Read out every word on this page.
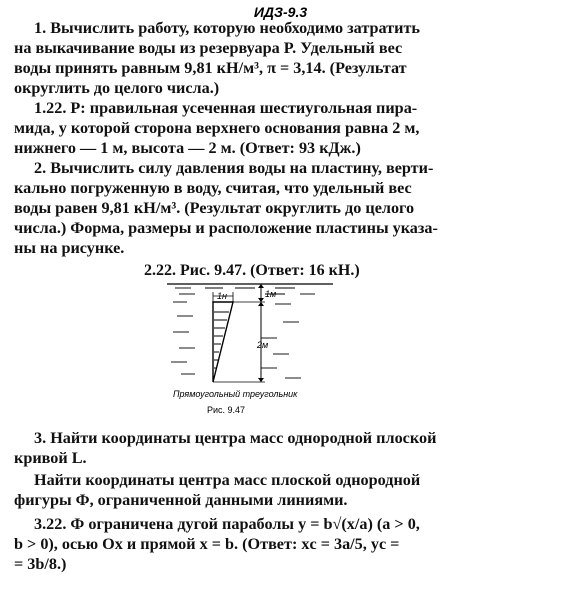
ИДЗ-9.3
1. Вычислить работу, которую необходимо затратить
на выкачивание воды из резервуара P. Удельный вес
воды принять равным 9,81 кН/м³, π = 3,14. (Результат
округлить до целого числа.)
1.22. P: правильная усеченная шестиугольная пира-
мида, у которой сторона верхнего основания равна 2 м,
нижнего — 1 м, высота — 2 м. (Ответ: 93 кДж.)
2. Вычислить силу давления воды на пластину, верти-
кально погруженную в воду, считая, что удельный вес
воды равен 9,81 кН/м³. (Результат округлить до целого
числа.) Форма, размеры и расположение пластины указа-
ны на рисунке.
2.22. Рис. 9.47. (Ответ: 16 кН.)
1н	1м
2м
Прямоугольный треугольник
Рис. 9.47
3. Найти координаты центра масс однородной плоской
кривой L.
Найти координаты центра масс плоской однородной
фигуры Ф, ограниченной данными линиями.
3.22. Ф ограничена дугой параболы y = b√(x/a) (a > 0,
b > 0), осью Ox и прямой x = b. (Ответ: xc = 3a/5, yc =
= 3b/8.)
